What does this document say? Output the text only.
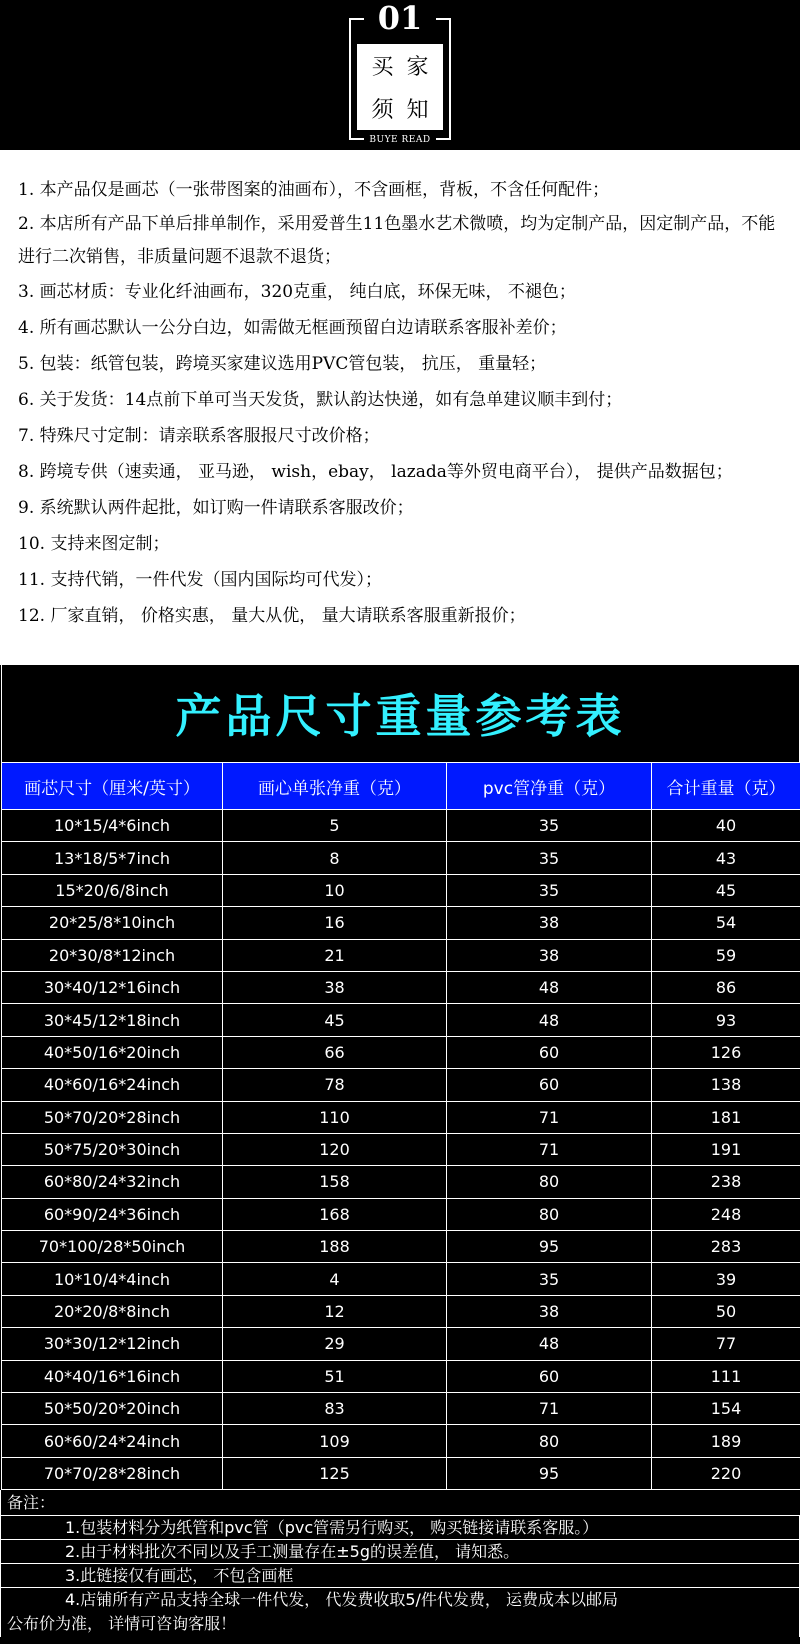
01
买 家
须 知
BUYE READ
1. 本产品仅是画芯（一张带图案的油画布），不含画框，背板，不含任何配件；
2. 本店所有产品下单后排单制作，采用爱普生11色墨水艺术微喷，均为定制产品，因定制产品，不能进行二次销售，非质量问题不退款不退货；
3. 画芯材质：专业化纤油画布，320克重， 纯白底，环保无味， 不褪色；
4. 所有画芯默认一公分白边，如需做无框画预留白边请联系客服补差价；
5. 包装：纸管包装，跨境买家建议选用PVC管包装， 抗压， 重量轻；
6. 关于发货：14点前下单可当天发货，默认韵达快递，如有急单建议顺丰到付；
7. 特殊尺寸定制：请亲联系客服报尺寸改价格；
8. 跨境专供（速卖通， 亚马逊， wish，ebay， lazada等外贸电商平台）， 提供产品数据包；
9. 系统默认两件起批，如订购一件请联系客服改价；
10. 支持来图定制；
11. 支持代销，一件代发（国内国际均可代发）；
12. 厂家直销， 价格实惠， 量大从优， 量大请联系客服重新报价；
产品尺寸重量参考表
画芯尺寸（厘米/英寸）	画心单张净重（克）	pvc管净重（克）	合计重量（克）
10*15/4*6inch	5	35	40
13*18/5*7inch	8	35	43
15*20/6/8inch	10	35	45
20*25/8*10inch	16	38	54
20*30/8*12inch	21	38	59
30*40/12*16inch	38	48	86
30*45/12*18inch	45	48	93
40*50/16*20inch	66	60	126
40*60/16*24inch	78	60	138
50*70/20*28inch	110	71	181
50*75/20*30inch	120	71	191
60*80/24*32inch	158	80	238
60*90/24*36inch	168	80	248
70*100/28*50inch	188	95	283
10*10/4*4inch	4	35	39
20*20/8*8inch	12	38	50
30*30/12*12inch	29	48	77
40*40/16*16inch	51	60	111
50*50/20*20inch	83	71	154
60*60/24*24inch	109	80	189
70*70/28*28inch	125	95	220
备注：
1.包装材料分为纸管和pvc管（pvc管需另行购买， 购买链接请联系客服。）
2.由于材料批次不同以及手工测量存在±5g的误差值， 请知悉。
3.此链接仅有画芯， 不包含画框
4.店铺所有产品支持全球一件代发， 代发费收取5/件代发费， 运费成本以邮局
公布价为准， 详情可咨询客服！
